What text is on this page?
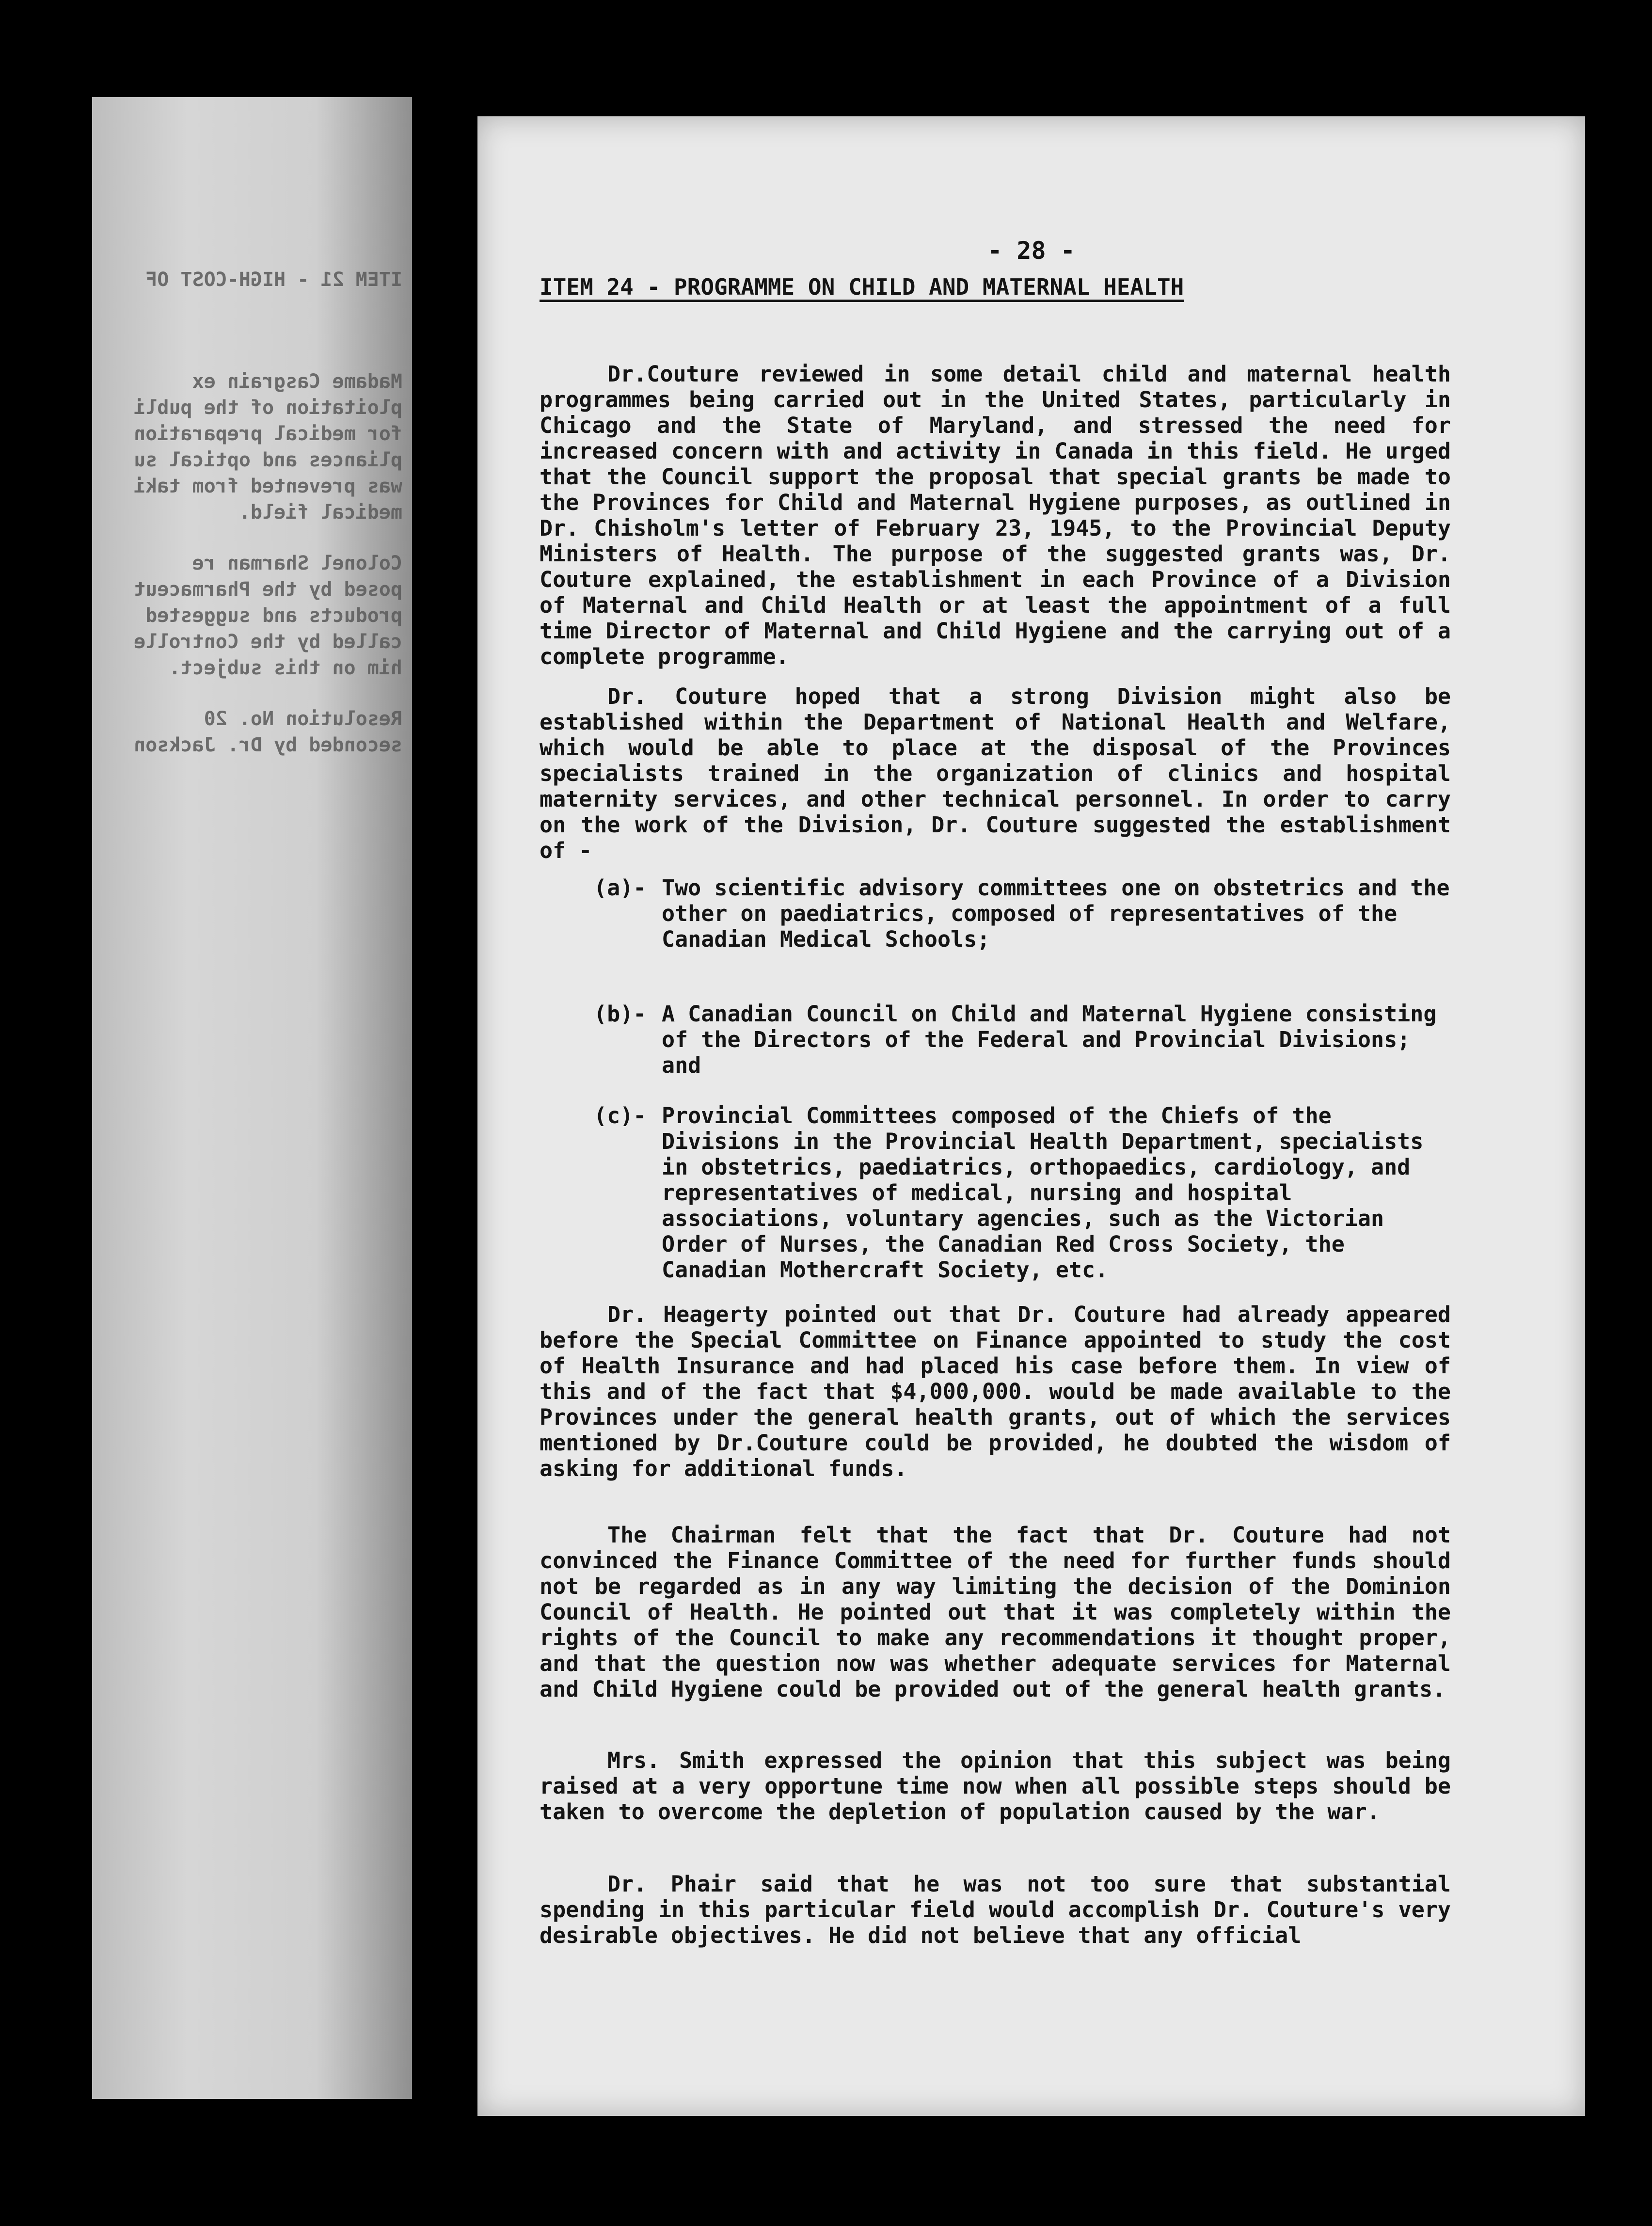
ITEM 21 - HIGH-COST OF
Madame Casgrain ex
ploitation of the publi
for medical preparation
pliances and optical su
was prevented from taki
medical field.
Colonel Sharman re
posed by the Pharmaceut
products and suggested
called by the Controlle
him on this subject.
Resolution No. 20
seconded by Dr. Jackson
- 28 -
ITEM 24 - PROGRAMME ON CHILD AND MATERNAL HEALTH
Dr.Couture reviewed in some detail child and maternal health programmes being carried out in the United States, particularly in Chicago and the State of Maryland, and stressed the need for increased concern with and activity in Canada in this field. He urged that the Council support the proposal that special grants be made to the Provinces for Child and Maternal Hygiene purposes, as outlined in Dr. Chisholm's letter of February 23, 1945, to the Provincial Deputy Ministers of Health. The purpose of the suggested grants was, Dr. Couture explained, the establishment in each Province of a Division of Maternal and Child Health or at least the appointment of a full time Director of Maternal and Child Hygiene and the carrying out of a complete programme.
Dr. Couture hoped that a strong Division might also be established within the Department of National Health and Welfare, which would be able to place at the disposal of the Provinces specialists trained in the organization of clinics and hospital maternity services, and other technical personnel. In order to carry on the work of the Division, Dr. Couture suggested the establishment of -
(a)- Two scientific advisory committees one on obstetrics and the other on paediatrics, composed of representatives of the Canadian Medical Schools;
(b)- A Canadian Council on Child and Maternal Hygiene consisting of the Directors of the Federal and Provincial Divisions; and
(c)- Provincial Committees composed of the Chiefs of the Divisions in the Provincial Health Department, specialists in obstetrics, paediatrics, orthopaedics, cardiology, and representatives of medical, nursing and hospital associations, voluntary agencies, such as the Victorian Order of Nurses, the Canadian Red Cross Society, the Canadian Mothercraft Society, etc.
Dr. Heagerty pointed out that Dr. Couture had already appeared before the Special Committee on Finance appointed to study the cost of Health Insurance and had placed his case before them. In view of this and of the fact that $4,000,000. would be made available to the Provinces under the general health grants, out of which the services mentioned by Dr.Couture could be provided, he doubted the wisdom of asking for additional funds.
The Chairman felt that the fact that Dr. Couture had not convinced the Finance Committee of the need for further funds should not be regarded as in any way limiting the decision of the Dominion Council of Health. He pointed out that it was completely within the rights of the Council to make any recommendations it thought proper, and that the question now was whether adequate services for Maternal and Child Hygiene could be provided out of the general health grants.
Mrs. Smith expressed the opinion that this subject was being raised at a very opportune time now when all possible steps should be taken to overcome the depletion of population caused by the war.
Dr. Phair said that he was not too sure that substantial spending in this particular field would accomplish Dr. Couture's very desirable objectives. He did not believe that any official
